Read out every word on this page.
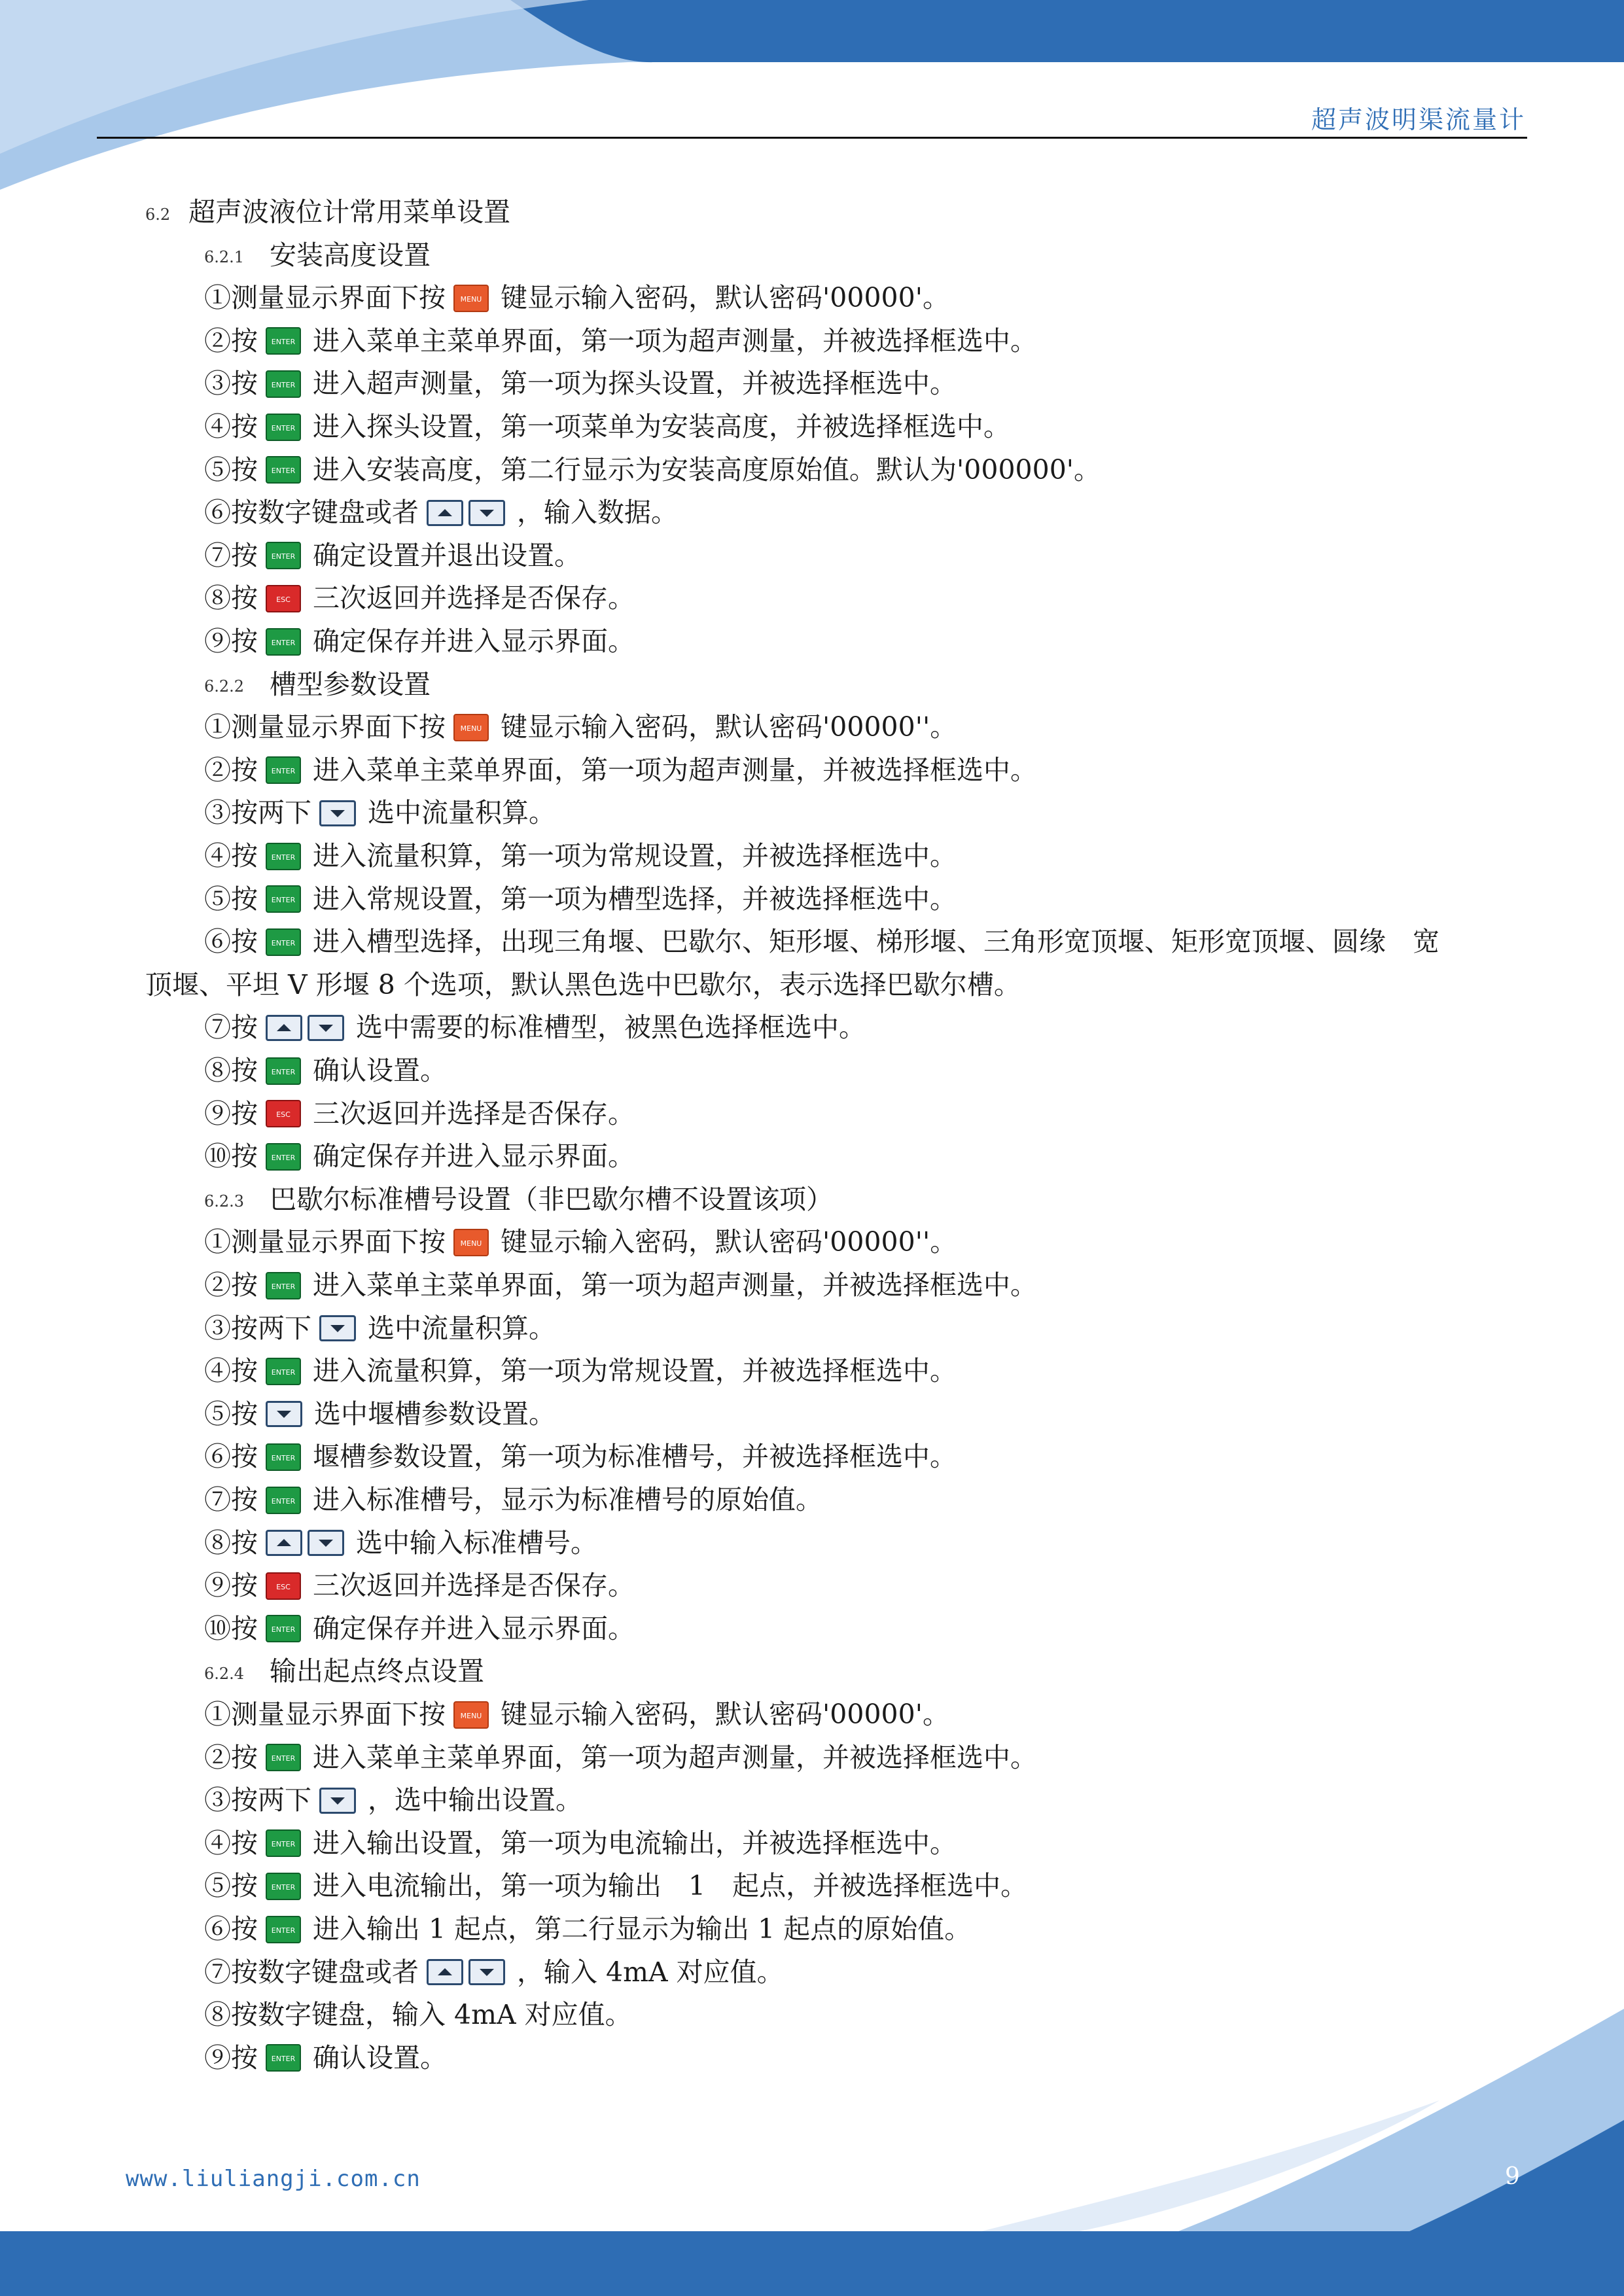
超声波明渠流量计
6.2 超声波液位计常用菜单设置
6.2.1 安装高度设置
①测量显示界面下按 MENU 键显示输入密码，默认密码'00000'。
②按 ENTER 进入菜单主菜单界面，第一项为超声测量，并被选择框选中。
③按 ENTER 进入超声测量，第一项为探头设置，并被选择框选中。
④按 ENTER 进入探头设置，第一项菜单为安装高度，并被选择框选中。
⑤按 ENTER 进入安装高度，第二行显示为安装高度原始值。默认为'000000'。
⑥按数字键盘或者	，输入数据。
⑦按 ENTER 确定设置并退出设置。
⑧按	ESC 三次返回并选择是否保存。
⑨按 ENTER 确定保存并进入显示界面。
6.2.2 槽型参数设置
①测量显示界面下按 MENU 键显示输入密码，默认密码'00000''。
②按 ENTER 进入菜单主菜单界面，第一项为超声测量，并被选择框选中。
③按两下 选中流量积算。
④按 ENTER 进入流量积算，第一项为常规设置，并被选择框选中。
⑤按 ENTER 进入常规设置，第一项为槽型选择，并被选择框选中。
⑥按 ENTER 进入槽型选择，出现三角堰、巴歇尔、矩形堰、梯形堰、三角形宽顶堰、矩形宽顶堰、圆缘　宽
顶堰、平坦 V 形堰 8 个选项，默认黑色选中巴歇尔，表示选择巴歇尔槽。
⑦按	选中需要的标准槽型，被黑色选择框选中。
⑧按 ENTER 确认设置。
⑨按	ESC 三次返回并选择是否保存。
⑩按 ENTER 确定保存并进入显示界面。
6.2.3 巴歇尔标准槽号设置（非巴歇尔槽不设置该项）
①测量显示界面下按 MENU 键显示输入密码，默认密码'00000''。
②按 ENTER 进入菜单主菜单界面，第一项为超声测量，并被选择框选中。
③按两下 选中流量积算。
④按 ENTER 进入流量积算，第一项为常规设置，并被选择框选中。
⑤按 选中堰槽参数设置。
⑥按 ENTER 堰槽参数设置，第一项为标准槽号，并被选择框选中。
⑦按 ENTER 进入标准槽号，显示为标准槽号的原始值。
⑧按	选中输入标准槽号。
⑨按	ESC 三次返回并选择是否保存。
⑩按 ENTER 确定保存并进入显示界面。
6.2.4 输出起点终点设置
①测量显示界面下按 MENU 键显示输入密码，默认密码'00000'。
②按 ENTER 进入菜单主菜单界面，第一项为超声测量，并被选择框选中。
③按两下 ，选中输出设置。
④按 ENTER 进入输出设置，第一项为电流输出，并被选择框选中。
⑤按 ENTER 进入电流输出，第一项为输出　1　起点，并被选择框选中。
⑥按 ENTER 进入输出 1 起点，第二行显示为输出 1 起点的原始值。
⑦按数字键盘或者	，输入 4mA 对应值。
⑧按数字键盘，输入 4mA 对应值。
⑨按 ENTER 确认设置。
www.liuliangji.com.cn	9
